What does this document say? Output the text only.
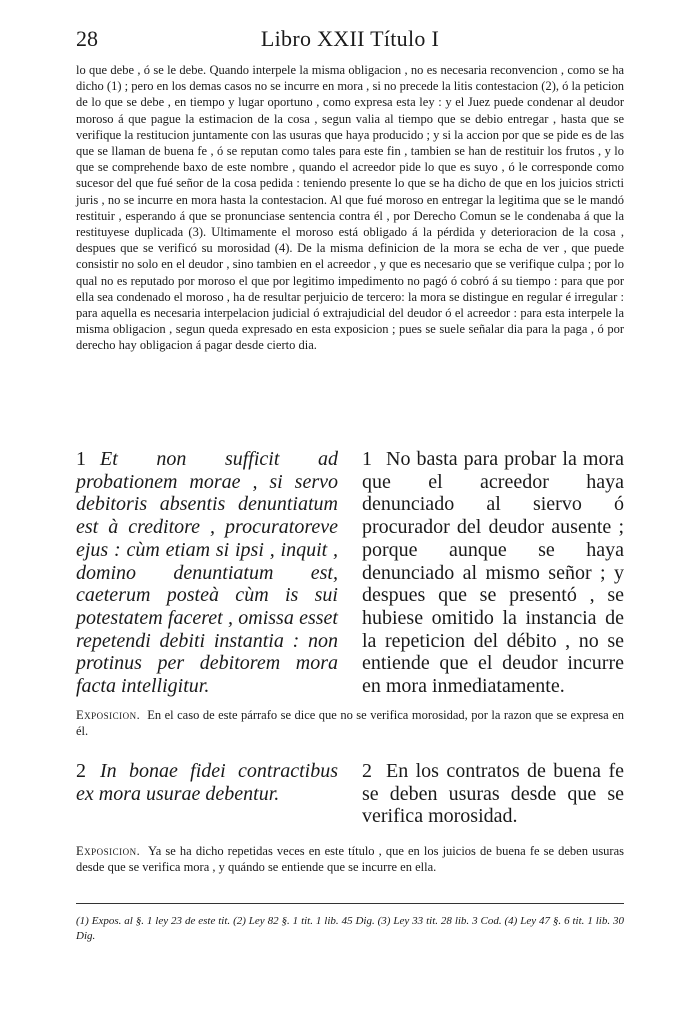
28	Libro XXII Título I
lo que debe , ó se le debe. Quando interpele la misma obligacion , no es necesaria reconvencion , como se ha dicho (1) ; pero en los demas casos no se incurre en mora , si no precede la litis contestacion (2), ó la peticion de lo que se debe , en tiempo y lugar oportuno , como expresa esta ley : y el Juez puede condenar al deudor moroso á que pague la estimacion de la cosa , segun valia al tiempo que se debio entregar , hasta que se verifique la restitucion juntamente con las usuras que haya producido ; y si la accion por que se pide es de las que se llaman de buena fe , ó se reputan como tales para este fin , tambien se han de restituir los frutos , y lo que se comprehende baxo de este nombre , quando el acreedor pide lo que es suyo , ó le corresponde como sucesor del que fué señor de la cosa pedida : teniendo presente lo que se ha dicho de que en los juicios stricti juris , no se incurre en mora hasta la contestacion. Al que fué moroso en entregar la legitima que se le mandó restituir , esperando á que se pronunciase sentencia contra él , por Derecho Comun se le condenaba á que la restituyese duplicada (3). Ultimamente el moroso está obligado á la pérdida y deterioracion de la cosa , despues que se verificó su morosidad (4). De la misma definicion de la mora se echa de ver , que puede consistir no solo en el deudor , sino tambien en el acreedor , y que es necesario que se verifique culpa ; por lo qual no es reputado por moroso el que por legitimo impedimento no pagó ó cobró á su tiempo : para que por ella sea condenado el moroso , ha de resultar perjuicio de tercero: la mora se distingue en regular é irregular : para aquella es necesaria interpelacion judicial ó extrajudicial del deudor ó el acreedor : para esta interpele la misma obligacion , segun queda expresado en esta exposicion ; pues se suele señalar dia para la paga , ó por derecho hay obligacion á pagar desde cierto dia.
1 Et non sufficit ad probationem morae , si servo debitoris absentis denuntiatum est à creditore , procuratoreve ejus : cùm etiam si ipsi , inquit , domino denuntiatum est, caeterum posteà cùm is sui potestatem faceret , omissa esset repetendi debiti instantia : non protinus per debitorem mora facta intelligitur.
1 No basta para probar la mora que el acreedor haya denunciado al siervo ó procurador del deudor ausente ; porque aunque se haya denunciado al mismo señor ; y despues que se presentó , se hubiese omitido la instancia de la repeticion del débito , no se entiende que el deudor incurre en mora inmediatamente.
Exposicion. En el caso de este párrafo se dice que no se verifica morosidad, por la razon que se expresa en él.
2 In bonae fidei contractibus ex mora usurae debentur.
2 En los contratos de buena fe se deben usuras desde que se verifica morosidad.
Exposicion. Ya se ha dicho repetidas veces en este título , que en los juicios de buena fe se deben usuras desde que se verifica mora , y quándo se entiende que se incurre en ella.
(1) Expos. al §. 1 ley 23 de este tit. (2) Ley 82 §. 1 tit. 1 lib. 45 Dig. (3) Ley 33 tit. 28 lib. 3 Cod. (4) Ley 47 §. 6 tit. 1 lib. 30 Dig.
